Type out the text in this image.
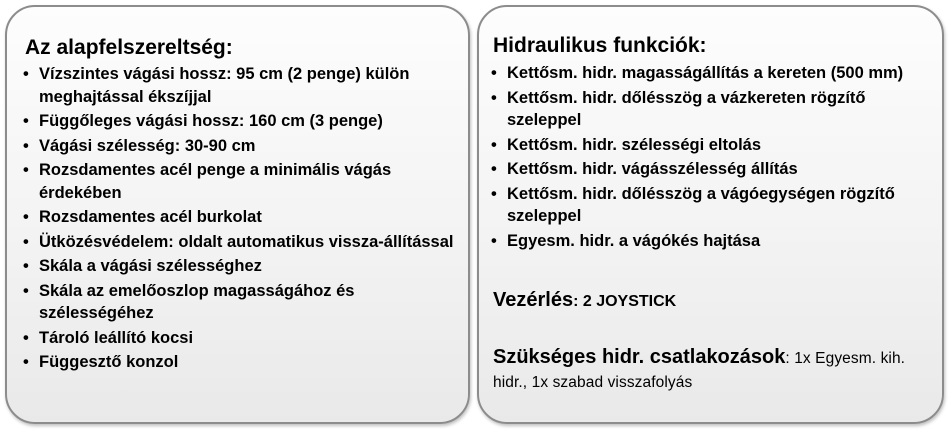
Az alapfelszereltség:
• Vízszintes vágási hossz: 95 cm (2 penge) külön meghajtással ékszíjjal
• Függőleges vágási hossz: 160 cm (3 penge)
• Vágási szélesség: 30-90 cm
• Rozsdamentes acél penge a minimális vágás érdekében
• Rozsdamentes acél burkolat
• Ütközésvédelem: oldalt automatikus vissza-állítással
• Skála a vágási szélességhez
• Skála az emelőoszlop magasságához és szélességéhez
• Tároló leállító kocsi
• Függesztő konzol
Hidraulikus funkciók:
• Kettősm. hidr. magasságállítás a kereten (500 mm)
• Kettősm. hidr. dőlésszög a vázkereten rögzítő szeleppel
• Kettősm. hidr. szélességi eltolás
• Kettősm. hidr. vágásszélesség állítás
• Kettősm. hidr. dőlésszög a vágóegységen rögzítő szeleppel
• Egyesm. hidr. a vágókés hajtása
Vezérlés: 2 JOYSTICK
Szükséges hidr. csatlakozások: 1x Egyesm. kih. hidr., 1x szabad visszafolyás
